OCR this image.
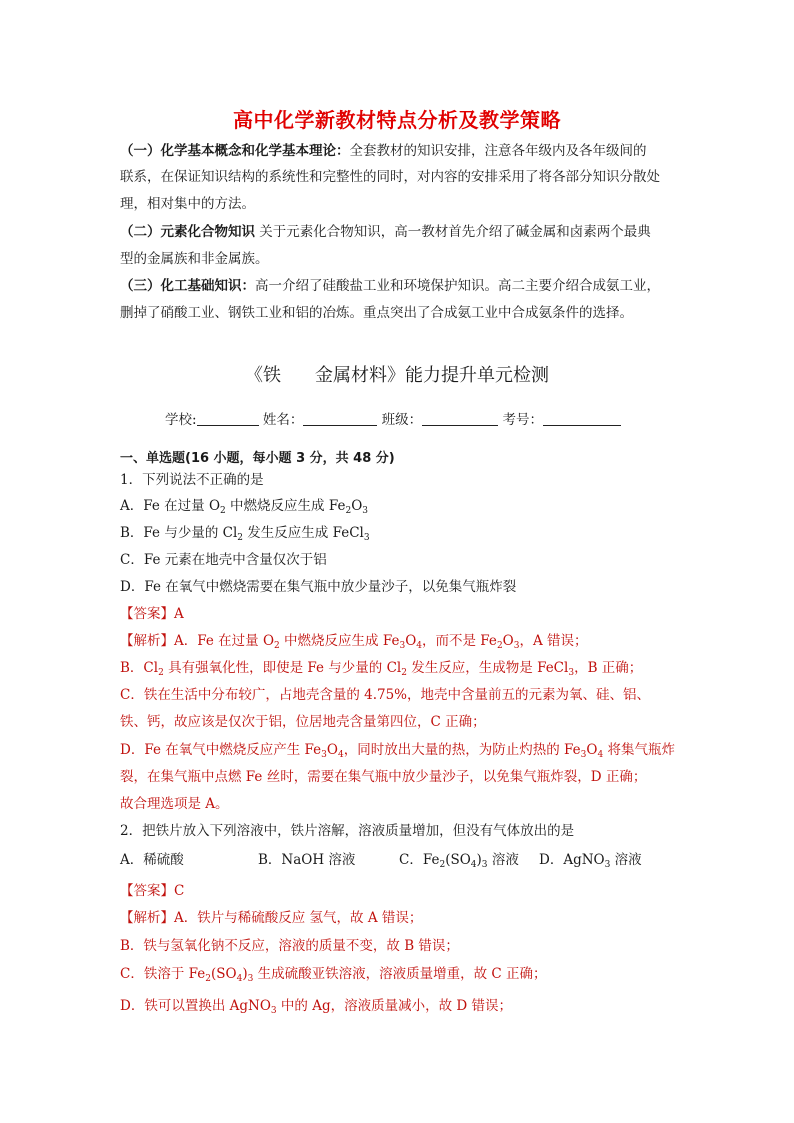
高中化学新教材特点分析及教学策略
（一）化学基本概念和化学基本理论：全套教材的知识安排，注意各年级内及各年级间的
联系，在保证知识结构的系统性和完整性的同时，对内容的安排采用了将各部分知识分散处
理，相对集中的方法。
（二）元素化合物知识 关于元素化合物知识，高一教材首先介绍了碱金属和卤素两个最典
型的金属族和非金属族。
（三）化工基础知识：高一介绍了硅酸盐工业和环境保护知识。高二主要介绍合成氨工业，
删掉了硝酸工业、钢铁工业和铝的冶炼。重点突出了合成氨工业中合成氨条件的选择。
《铁 金属材料》能力提升单元检测
学校:	姓名：	班级：	考号：
一、单选题(16 小题，每小题 3 分，共 48 分)
1．下列说法不正确的是
A．Fe 在过量 $O_2$ 中燃烧反应生成 $Fe_2O_3$
B．Fe 与少量的 $Cl_2$ 发生反应生成 FeCl$_3$
C．Fe 元素在地壳中含量仅次于铝
D．Fe 在氧气中燃烧需要在集气瓶中放少量沙子，以免集气瓶炸裂
【答案】A
【解析】A．Fe 在过量 $O_2$ 中燃烧反应生成 $Fe_3O_4$，而不是 $Fe_2O_3$，A 错误；
B．$Cl_2$ 具有强氧化性，即使是 Fe 与少量的 $Cl_2$ 发生反应，生成物是 FeCl$_3$，B 正确；
C．铁在生活中分布较广，占地壳含量的 4.75%，地壳中含量前五的元素为氧、硅、铝、
铁、钙，故应该是仅次于铝，位居地壳含量第四位，C 正确；
D．Fe 在氧气中燃烧反应产生 $Fe_3O_4$，同时放出大量的热，为防止灼热的 $Fe_3O_4$ 将集气瓶炸
裂，在集气瓶中点燃 Fe 丝时，需要在集气瓶中放少量沙子，以免集气瓶炸裂，D 正确；
故合理选项是 A。
2．把铁片放入下列溶液中，铁片溶解，溶液质量增加，但没有气体放出的是
A．稀硫酸	B．NaOH 溶液	C．$Fe_2(SO_4)_3$ 溶液 D．AgNO$_3$ 溶液
【答案】C
【解析】A．铁片与稀硫酸反应 氢气，故 A 错误；
B．铁与氢氧化钠不反应，溶液的质量不变，故 B 错误；
C．铁溶于 $Fe_2(SO_4)_3$ 生成硫酸亚铁溶液，溶液质量增重，故 C 正确；
D．铁可以置换出 AgNO$_3$ 中的 Ag，溶液质量减小，故 D 错误；
